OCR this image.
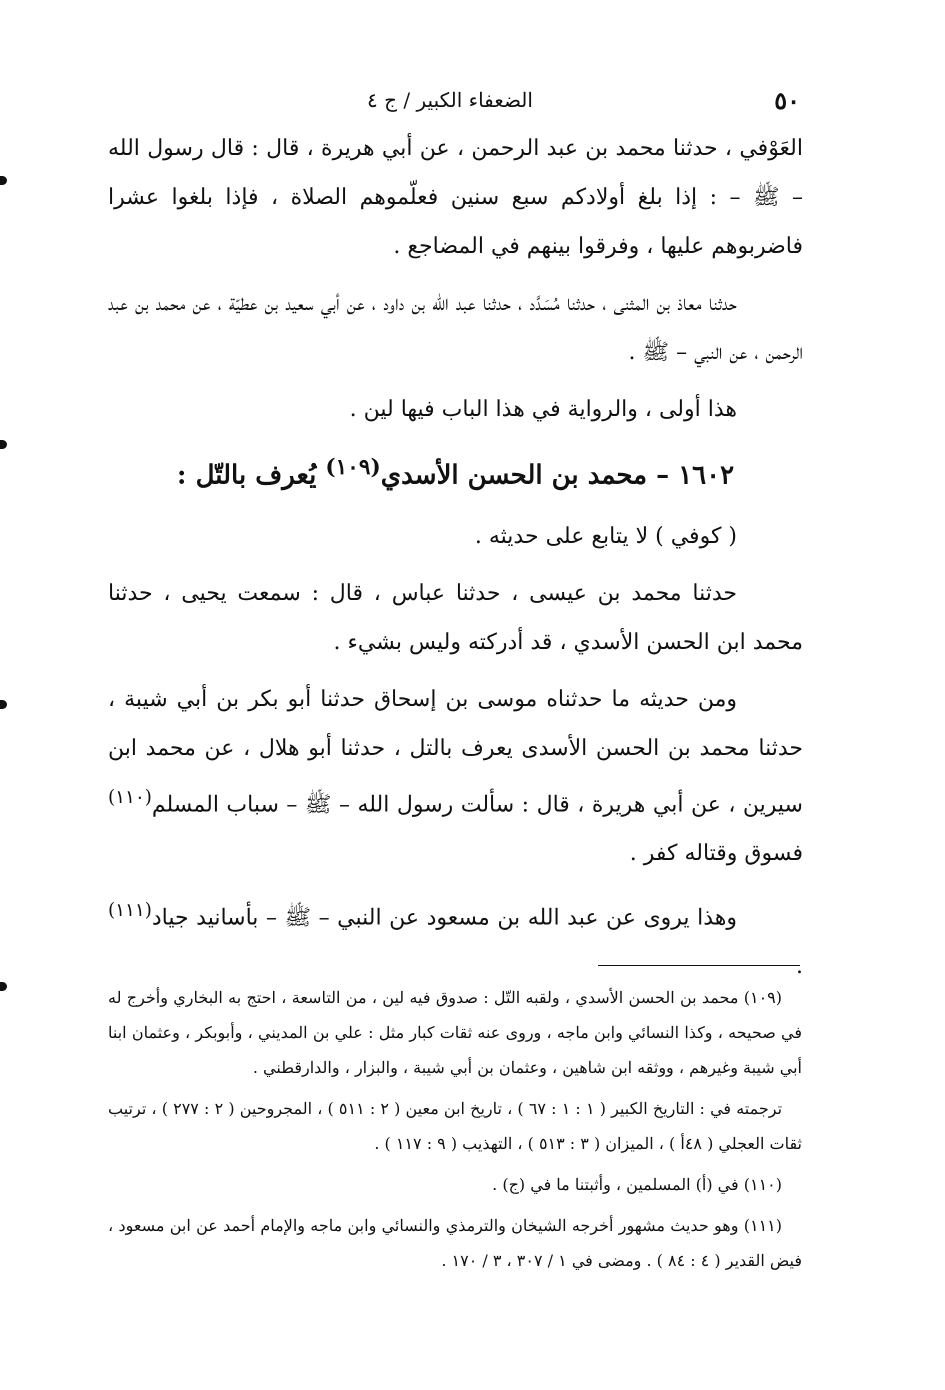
٥٠
الضعفاء الكبير / ج ٤

العَوْفي ، حدثنا محمد بن عبد الرحمن ، عن أبي هريرة ، قال : قال رسول الله – ﷺ – : إذا بلغ أولادكم سبع سنين فعلّموهم الصلاة ، فإذا بلغوا عشرا فاضربوهم عليها ، وفرقوا بينهم في المضاجع .

حدثنا معاذ بن المثنى ، حدثنا مُسَدَّد ، حدثنا عبد الله بن داود ، عن أبي سعيد بن عطيّة ، عن محمد بن عبد الرحمن ، عن النبي – ﷺ .

هذا أولى ، والرواية في هذا الباب فيها لين .

١٦٠٢ – محمد بن الحسن الأسدي$^{(١٠٩)}$ يُعرف بالتّل :

( كوفي ) لا يتابع على حديثه .

حدثنا محمد بن عيسى ، حدثنا عباس ، قال : سمعت يحيى ، حدثنا محمد ابن الحسن الأسدي ، قد أدركته وليس بشيء .

ومن حديثه ما حدثناه موسى بن إسحاق حدثنا أبو بكر بن أبي شيبة ، حدثنا محمد بن الحسن الأسدى يعرف بالتل ، حدثنا أبو هلال ، عن محمد ابن سيرين ، عن أبي هريرة ، قال : سألت رسول الله – ﷺ – سباب المسلم$^{(١١٠)}$ فسوق وقتاله كفر .

وهذا يروى عن عبد الله بن مسعود عن النبي – ﷺ – بأسانيد جياد$^{(١١١)}$ .

(١٠٩) محمد بن الحسن الأسدي ، ولقبه التّل : صدوق فيه لين ، من التاسعة ، احتج به البخاري وأخرج له في صحيحه ، وكذا النسائي وابن ماجه ، وروى عنه ثقات كبار مثل : علي بن المديني ، وأبوبكر ، وعثمان ابنا أبي شيبة وغيرهم ، ووثقه ابن شاهين ، وعثمان بن أبي شيبة ، والبزار ، والدارقطني .

ترجمته في : التاريخ الكبير ( ١ : ١ : ٦٧ ) ، تاريخ ابن معين ( ٢ : ٥١١ ) ، المجروحين ( ٢ : ٢٧٧ ) ، ترتيب ثقات العجلي ( ٤٨أ ) ، الميزان ( ٣ : ٥١٣ ) ، التهذيب ( ٩ : ١١٧ ) .

(١١٠) في (أ) المسلمين ، وأثبتنا ما في (ج) .

(١١١) وهو حديث مشهور أخرجه الشيخان والترمذي والنسائي وابن ماجه والإمام أحمد عن ابن مسعود ، فيض القدير ( ٤ : ٨٤ ) . ومضى في ١ / ٣٠٧ ، ٣ / ١٧٠ .
